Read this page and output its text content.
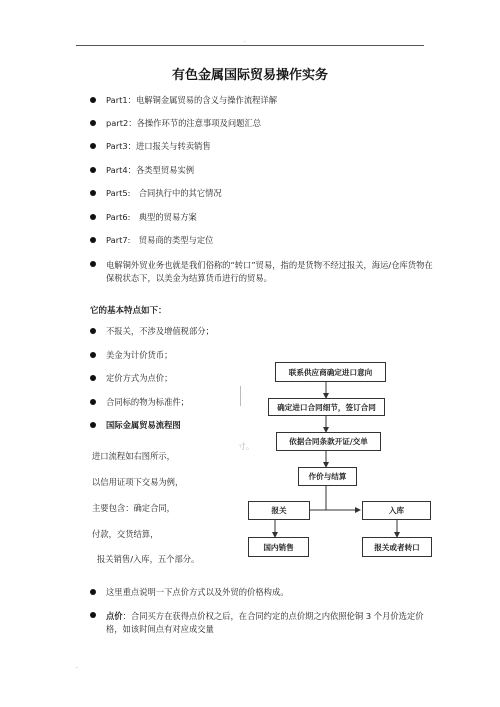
.
有色金属国际贸易操作实务
Part1：电解铜金属贸易的含义与操作流程详解
part2：各操作环节的注意事项及问题汇总
Part3：进口报关与转卖销售
Part4：各类型贸易实例
Part5:　合同执行中的其它情况
Part6:　典型的贸易方案
Part7:　贸易商的类型与定位
电解铜外贸业务也就是我们俗称的“转口”贸易，指的是货物不经过报关，海运/仓库货物在保税状态下，以美金为结算货币进行的贸易。
它的基本特点如下：
不报关，不涉及增值税部分；
美金为计价货币；
定价方式为点价；
合同标的物为标准件；
国际金属贸易流程图
进口流程如右图所示，
以信用证项下交易为例，
主要包含：确定合同，
付款，交货结算，
报关销售/入库，五个部分。
寸。
联系供应商确定进口意向
确定进口合同细节，签订合同
依据合同条款开证/交单
作价与结算
报关	入库
国内销售	报关或者转口
这里重点说明一下点价方式以及外贸的价格构成。
点价：合同买方在获得点价权之后，在合同约定的点价期之内依照伦铜 3 个月价选定价格，如该时间点有对应成交量
.
